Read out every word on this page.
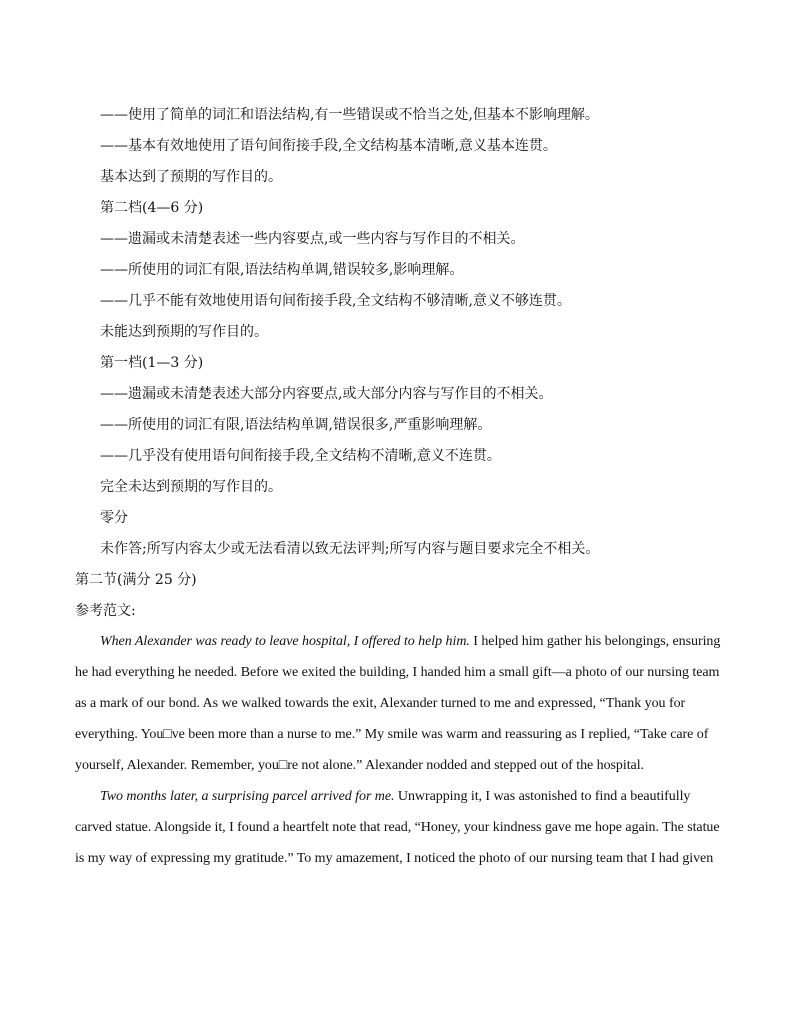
——使用了简单的词汇和语法结构,有一些错误或不恰当之处,但基本不影响理解。
——基本有效地使用了语句间衔接手段,全文结构基本清晰,意义基本连贯。
基本达到了预期的写作目的。
第二档(4—6 分)
——遗漏或未清楚表述一些内容要点,或一些内容与写作目的不相关。
——所使用的词汇有限,语法结构单调,错误较多,影响理解。
——几乎不能有效地使用语句间衔接手段,全文结构不够清晰,意义不够连贯。
未能达到预期的写作目的。
第一档(1—3 分)
——遗漏或未清楚表述大部分内容要点,或大部分内容与写作目的不相关。
——所使用的词汇有限,语法结构单调,错误很多,严重影响理解。
——几乎没有使用语句间衔接手段,全文结构不清晰,意义不连贯。
完全未达到预期的写作目的。
零分
未作答;所写内容太少或无法看清以致无法评判;所写内容与题目要求完全不相关。
第二节(满分 25 分)
参考范文:
When Alexander was ready to leave hospital, I offered to help him. I helped him gather his belongings, ensuring
he had everything he needed. Before we exited the building, I handed him a small gift—a photo of our nursing team
as a mark of our bond. As we walked towards the exit, Alexander turned to me and expressed, “Thank you for
everything. You□ve been more than a nurse to me.” My smile was warm and reassuring as I replied, “Take care of
yourself, Alexander. Remember, you□re not alone.” Alexander nodded and stepped out of the hospital.
Two months later, a surprising parcel arrived for me. Unwrapping it, I was astonished to find a beautifully
carved statue. Alongside it, I found a heartfelt note that read, “Honey, your kindness gave me hope again. The statue
is my way of expressing my gratitude.” To my amazement, I noticed the photo of our nursing team that I had given
